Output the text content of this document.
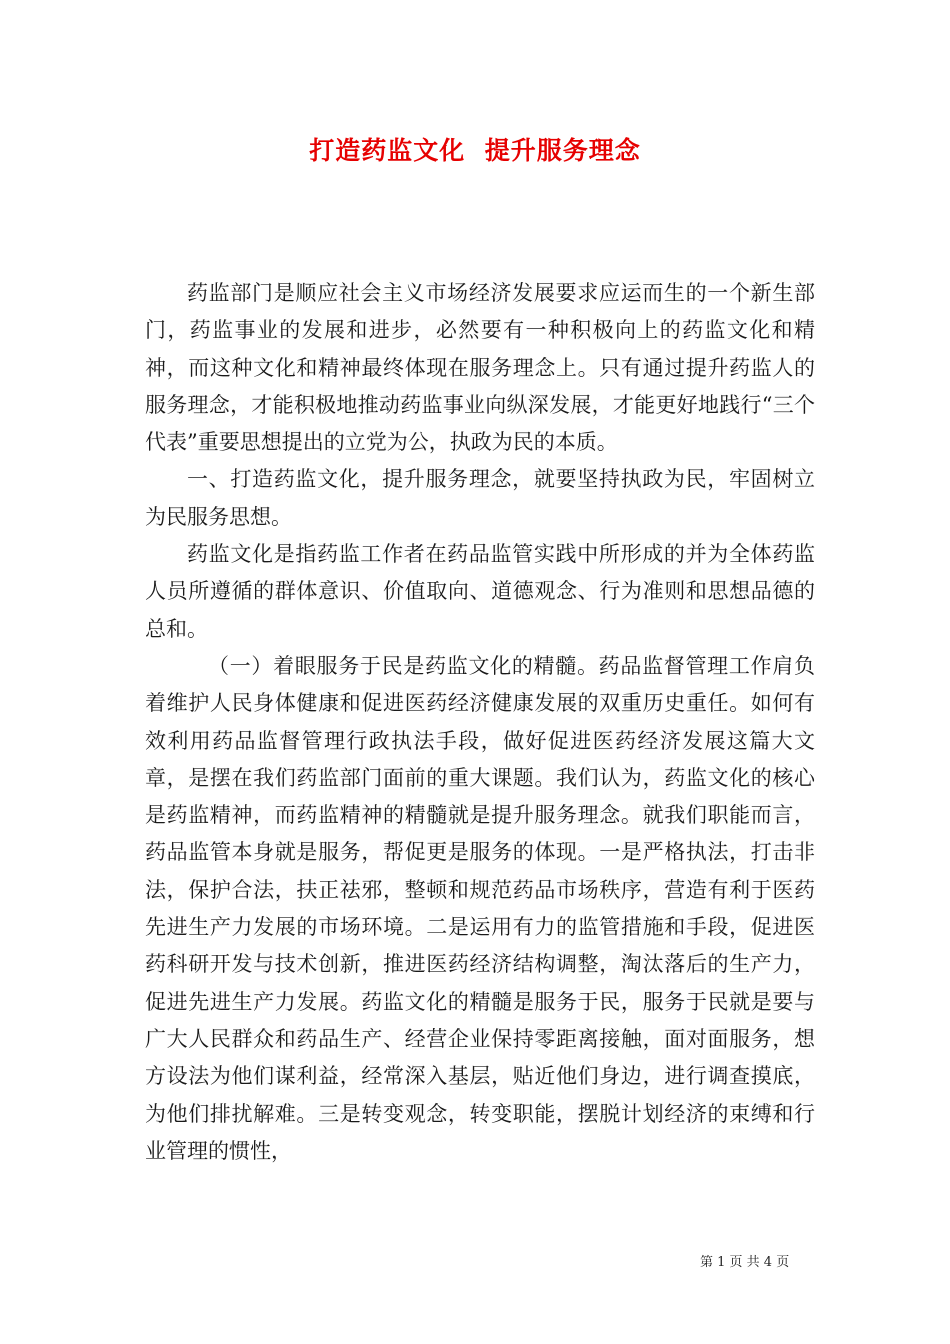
打造药监文化  提升服务理念

药监部门是顺应社会主义市场经济发展要求应运而生的一个新生部门，药监事业的发展和进步，必然要有一种积极向上的药监文化和精神，而这种文化和精神最终体现在服务理念上。只有通过提升药监人的服务理念，才能积极地推动药监事业向纵深发展，才能更好地践行“三个代表”重要思想提出的立党为公，执政为民的本质。

一、打造药监文化，提升服务理念，就要坚持执政为民，牢固树立为民服务思想。

药监文化是指药监工作者在药品监管实践中所形成的并为全体药监人员所遵循的群体意识、价值取向、道德观念、行为准则和思想品德的总和。

（一）着眼服务于民是药监文化的精髓。药品监督管理工作肩负着维护人民身体健康和促进医药经济健康发展的双重历史重任。如何有效利用药品监督管理行政执法手段，做好促进医药经济发展这篇大文章，是摆在我们药监部门面前的重大课题。我们认为，药监文化的核心是药监精神，而药监精神的精髓就是提升服务理念。就我们职能而言，药品监管本身就是服务，帮促更是服务的体现。一是严格执法，打击非法，保护合法，扶正祛邪，整顿和规范药品市场秩序，营造有利于医药先进生产力发展的市场环境。二是运用有力的监管措施和手段，促进医药科研开发与技术创新，推进医药经济结构调整，淘汰落后的生产力，促进先进生产力发展。药监文化的精髓是服务于民，服务于民就是要与广大人民群众和药品生产、经营企业保持零距离接触，面对面服务，想方设法为他们谋利益，经常深入基层，贴近他们身边，进行调查摸底，为他们排扰解难。三是转变观念，转变职能，摆脱计划经济的束缚和行业管理的惯性，

第 1 页 共 4 页
